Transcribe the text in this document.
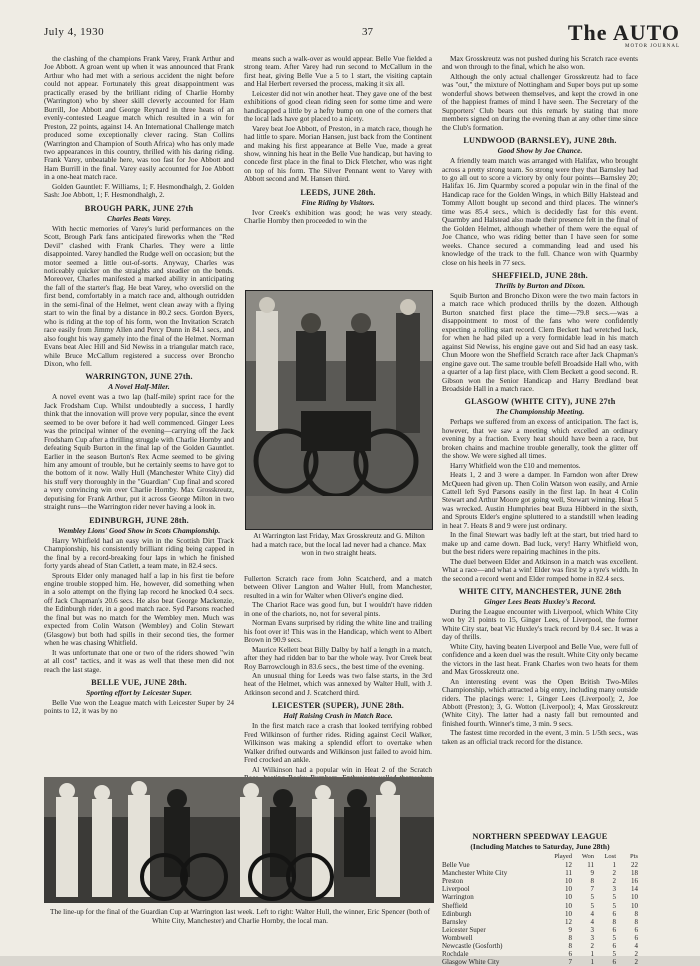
July 4, 1930	37	The AUTO
MOTOR JOURNAL

the clashing of the champions Frank Varey, Frank Arthur and Joe Abbott. A groan went up when it was announced that Frank Arthur who had met with a serious accident the night before could not appear. Fortunately this great disappointment was practically erased by the brilliant riding of Charlie Hornby (Warrington) who by sheer skill cleverly accounted for Ham Burrill, Joe Abbott and George Reynard in three heats of an evenly-contested League match which resulted in a win for Preston, 22 points, against 14. An International Challenge match produced some exceptionally clever racing. Stan Collins (Warrington and Champion of South Africa) who has only made two appearances in this country, thrilled with his daring riding. Frank Varey, unbeatable here, was too fast for Joe Abbott and Ham Burrill in the final. Varey easily accounted for Joe Abbott in a one-heat match race.

Golden Gauntlet: F. Williams, 1; F. Hesmondhalgh, 2. Golden Sash: Joe Abbott, 1; F. Hesmondhalgh, 2.

BROUGH PARK, JUNE 27th
Charles Beats Varey.

With hectic memories of Varey's lurid performances on the Scott, Brough Park fans anticipated fireworks when the "Red Devil" clashed with Frank Charles. They were a little disappointed. Varey handled the Rudge well on occasion; but the motor seemed a little out-of-sorts. Anyway, Charles was noticeably quicker on the straights and steadier on the bends. Moreover, Charles manifested a marked ability in anticipating the fall of the starter's flag. He beat Varey, who overslid on the first bend, comfortably in a match race and, although outridden in the semi-final of the Helmet, went clean away with a flying start to win the final by a distance in 80.2 secs. Gordon Byers, who is riding at the top of his form, won the Invitation Scratch race easily from Jimmy Allen and Percy Dunn in 84.1 secs, and also fought his way gamely into the final of the Helmet. Norman Evans beat Alec Hill and Sid Newiss in a triangular match race, while Bruce McCallum registered a success over Broncho Dixon, who fell.

WARRINGTON, JUNE 27th.
A Novel Half-Miler.

A novel event was a two lap (half-mile) sprint race for the Jack Frodsham Cup. Whilst undoubtedly a success, I hardly think that the innovation will prove very popular, since the event seemed to be over before it had well commenced. Ginger Lees was the principal winner of the evening—carrying off the Jack Frodsham Cup after a thrilling struggle with Charlie Hornby and defeating Squib Burton in the final lap of the Golden Gauntlet. Earlier in the season Burton's Rex Acme seemed to be giving him any amount of trouble, but he certainly seems to have got to the bottom of it now. Wally Hull (Manchester White City) did his stuff very thoroughly in the "Guardian" Cup final and scored a very convincing win over Charlie Hornby. Max Grosskreutz, deputising for Frank Arthur, put it across George Milton in two straight runs—the Warrington rider never having a look in.

EDINBURGH, JUNE 28th.
Wembley Lions' Good Show in Scots Championship.

Harry Whitfield had an easy win in the Scottish Dirt Track Championship, his consistently brilliant riding being capped in the final by a record-breaking four laps in which he finished forty yards ahead of Stan Catlett, a team mate, in 82.4 secs.

Sprouts Elder only managed half a lap in his first tie before engine trouble stopped him. He, however, did something when in a solo attempt on the flying lap record he knocked 0.4 secs. off Jack Chapman's 20.6 secs. He also beat George Mackenzie, the Edinburgh rider, in a good match race. Syd Parsons reached the final but was no match for the Wembley men. Much was expected from Colin Watson (Wembley) and Colin Stewart (Glasgow) but both had spills in their second ties, the former when he was chasing Whitfield.

It was unfortunate that one or two of the riders showed "win at all cost" tactics, and it was as well that these men did not reach the last stage.

BELLE VUE, JUNE 28th.
Sporting effort by Leicester Super.

Belle Vue won the League match with Leicester Super by 24 points to 12, it was by no

means such a walk-over as would appear. Belle Vue fielded a strong team. After Varey had run second to McCallum in the first heat, giving Belle Vue a 5 to 1 start, the visiting captain and Hal Herbert reversed the process, making it six all.

Leicester did not win another heat. They gave one of the best exhibitions of good clean riding seen for some time and were handicapped a little by a hefty bump on one of the corners that the local lads have got placed to a nicety.

Varey beat Joe Abbott, of Preston, in a match race, though he had little to spare. Morian Hansen, just back from the Continent and making his first appearance at Belle Vue, made a great show, winning his heat in the Belle Vue handicap, but having to concede first place in the final to Dick Fletcher, who was right on top of his form. The Silver Pennant went to Varey with Abbott second and M. Hansen third.

LEEDS, JUNE 28th.
Fine Riding by Visitors.

Ivor Creek's exhibition was good; he was very steady. Charlie Hornby then proceeded to win the

At Warrington last Friday, Max Grosskreutz and G. Milton had a match race, but the local lad never had a chance. Max won in two straight heats.

Fullerton Scratch race from John Scatcherd, and a match between Oliver Langton and Walter Hull, from Manchester, resulted in a win for Walter when Oliver's engine died.

The Chariot Race was good fun, but I wouldn't have ridden in one of the chariots, no, not for several pints.

Norman Evans surprised by riding the white line and trailing his foot over it! This was in the Handicap, which went to Albert Brown in 90.9 secs.

Maurice Kellett beat Billy Dalby by half a length in a match, after they had ridden bar to bar the whole way. Ivor Creek beat Roy Barrowclough in 83.6 secs., the best time of the evening.

An unusual thing for Leeds was two false starts, in the 3rd heat of the Helmet, which was annexed by Walter Hull, with J. Atkinson second and J. Scatcherd third.

LEICESTER (SUPER), JUNE 28th.
Half Raising Crash in Match Race.

In the first match race a crash that looked terrifying robbed Fred Wilkinson of further rides. Riding against Cecil Walker, Wilkinson was making a splendid effort to overtake when Walker drifted outwards and Wilkinson just failed to avoid him. Fred crocked an ankle.

Al Wilkinson had a popular win in Heat 2 of the Scratch

Max Grosskreutz was not pushed during his Scratch race events and won through to the final, which he also won.

Although the only actual challenger Grosskreutz had to face was "out," the mixture of Nottingham and Super boys put up some wonderful shows between themselves, and kept the crowd in one of the happiest frames of mind I have seen. The Secretary of the Supporters' Club bears out this remark by stating that more members signed on during the evening than at any other time since the Club's formation.

LUNDWOOD (BARNSLEY), JUNE 28th.
Good Show by Joe Chance.

A friendly team match was arranged with Halifax, who brought across a pretty strong team. So strong were they that Barnsley had to go all out to score a victory by only four points—Barnsley 20; Halifax 16. Jim Quarmby scored a popular win in the final of the Handicap race for the Golden Wings, in which Billy Halstead and Tommy Allott bought up second and third places. The winner's time was 85.4 secs., which is decidedly fast for this event. Quarmby and Halstead also made their presence felt in the final of the Golden Helmet, although whether of them were the equal of Joe Chance, who was riding better than I have seen for some weeks. Chance secured a commanding lead and used his knowledge of the track to the full. Chance won with Quarmby close on his heels in 77 secs.

SHEFFIELD, JUNE 28th.
Thrills by Burton and Dixon.

Squib Burton and Broncho Dixon were the two main factors in a match race which produced thrills by the dozen. Although Burton snatched first place the time—79.8 secs.—was a disappointment to most of the fans who were confidently expecting a rolling start record. Clem Beckett had wretched luck, for when he had piled up a very formidable lead in his match against Sid Newiss, his engine gave out and Sid had an easy task. Chun Moore won the Sheffield Scratch race after Jack Chapman's engine gave out. The same trouble befell Broadside Hall who, with a quarter of a lap first place, with Clem Beckett a good second. R. Gibson won the Senior Handicap and Harry Bredland beat Broadside Hall in a match race.

GLASGOW (WHITE CITY), JUNE 27th
The Championship Meeting.

Perhaps we suffered from an excess of anticipation. The fact is, however, that we saw a meeting which excelled an ordinary evening by a fraction. Every heat should have been a race, but broken chains and machine trouble generally, took the glitter off the show. We were sighed all times.

Harry Whitfield won the £10 and mementos.

Heats 1, 2 and 3 were a damper. In Farndon won after Drew McQueen had given up. Then Colin Watson won easily, and Arnie Cattell left Syd Parsons easily in the first lap. In heat 4 Colin Stewart and Arthur Moore got going well, Stewart winning. Heat 5 was wrecked. Austin Humphries beat Buza Hibberd in the sixth, and Sprouts Elder's engine spluttered to a standstill when leading in heat 7. Heats 8 and 9 were just ordinary.

In the final Stewart was badly left at the start, but tried hard to make up and came down. Bad luck, very! Harry Whitfield won, but the best riders were repairing machines in the pits.

The duel between Elder and Atkinson in a match was excellent. What a race—and what a win! Elder was first by a tyre's width. In the second a record went and Elder romped home in 82.4 secs.

WHITE CITY, MANCHESTER, JUNE 28th
Ginger Lees Beats Huxley's Record.

During the League encounter with Liverpool, which White City won by 21 points to 15, Ginger Lees, of Liverpool, the former White City star, beat Vic Huxley's track record by 0.4 sec. It was a day of thrills.

White City, having beaten Liverpool and Belle Vue, were full of confidence and a keen duel was the result. White City only became the victors in the last heat. Frank Charles won two heats for them and Max Grosskreutz one.

An interesting event was the Open British Two-Miles Championship, which attracted a big entry, including many outside riders. The placings were: 1, Ginger Lees (Liverpool); 2, Joe Abbott (Preston); 3, G. Wotton (Liverpool); 4, Max Grosskreutz (White City). The latter had a nasty fall but remounted and finished fourth. Winner's time, 3 min. 9 secs.

The fastest time recorded in the event, 3 min. 5 1/5th secs., was taken as an official track record for the distance.

NORTHERN SPEEDWAY LEAGUE
(Including Matches to Saturday, June 28th)
	Played	Won	Lost	Pts
Belle Vue	12	11	1	22
Manchester White City	11	9	2	18
Preston	10	8	2	16
Liverpool	10	7	3	14
Warrington	10	5	5	10
Sheffield	10	5	5	10
Edinburgh	10	4	6	8
Barnsley	12	4	8	8
Leicester Super	9	3	6	6
Wombwell	8	3	5	6
Newcastle (Gosforth)	8	2	6	4
Rochdale	6	1	5	2
Glasgow White City	7	1	6	2
The line-up for the final of the Guardian Cup at Warrington last week. Left to right: Walter Hull, the winner, Eric Spencer (both of White City, Manchester) and Charlie Hornby, the local man.
